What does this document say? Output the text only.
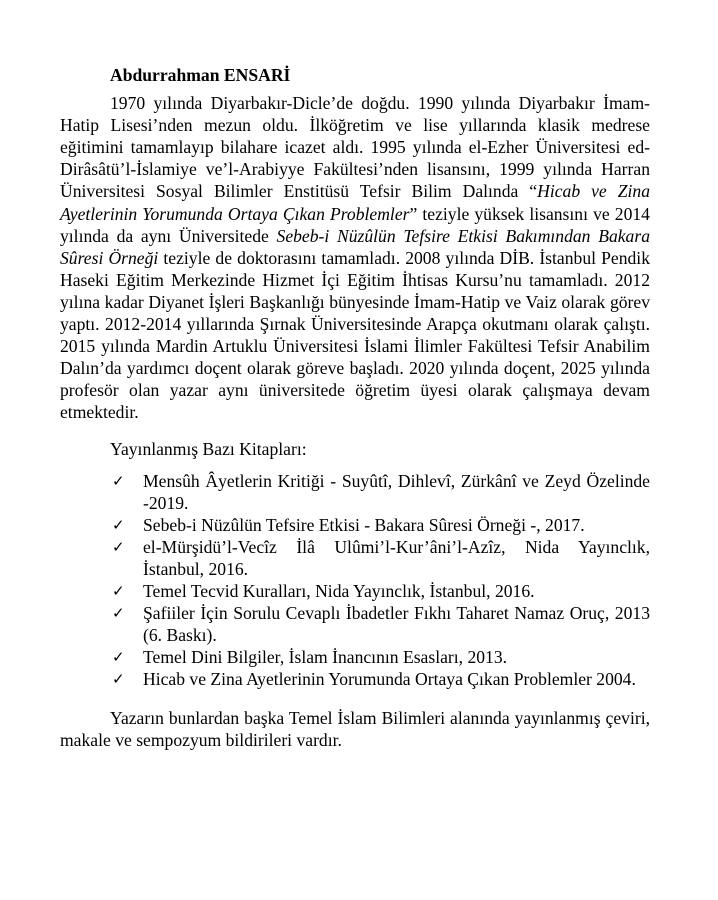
Abdurrahman ENSARİ

1970 yılında Diyarbakır-Dicle’de doğdu. 1990 yılında Diyarbakır İmam-Hatip Lisesi’nden mezun oldu. İlköğretim ve lise yıllarında klasik medrese eğitimini tamamlayıp bilahare icazet aldı. 1995 yılında el-Ezher Üniversitesi ed-Dirâsâtü’l-İslamiye ve’l-Arabiyye Fakültesi’nden lisansını, 1999 yılında Harran Üniversitesi Sosyal Bilimler Enstitüsü Tefsir Bilim Dalında “Hicab ve Zina Ayetlerinin Yorumunda Ortaya Çıkan Problemler” teziyle yüksek lisansını ve 2014 yılında da aynı Üniversitede Sebeb-i Nüzûlün Tefsire Etkisi Bakımından Bakara Sûresi Örneği teziyle de doktorasını tamamladı. 2008 yılında DİB. İstanbul Pendik Haseki Eğitim Merkezinde Hizmet İçi Eğitim İhtisas Kursu’nu tamamladı. 2012 yılına kadar Diyanet İşleri Başkanlığı bünyesinde İmam-Hatip ve Vaiz olarak görev yaptı. 2012-2014 yıllarında Şırnak Üniversitesinde Arapça okutmanı olarak çalıştı. 2015 yılında Mardin Artuklu Üniversitesi İslami İlimler Fakültesi Tefsir Anabilim Dalın’da yardımcı doçent olarak göreve başladı. 2020 yılında doçent, 2025 yılında profesör olan yazar aynı üniversitede öğretim üyesi olarak çalışmaya devam etmektedir.

Yayınlanmış Bazı Kitapları:

✓ Mensûh Âyetlerin Kritiği - Suyûtî, Dihlevî, Zürkânî ve Zeyd Özelinde -2019.
✓ Sebeb-i Nüzûlün Tefsire Etkisi - Bakara Sûresi Örneği -, 2017.
✓ el-Mürşidü’l-Vecîz İlâ Ulûmi’l-Kur’âni’l-Azîz, Nida Yayınclık, İstanbul, 2016.
✓ Temel Tecvid Kuralları, Nida Yayınclık, İstanbul, 2016.
✓ Şafiiler İçin Sorulu Cevaplı İbadetler Fıkhı Taharet Namaz Oruç, 2013 (6. Baskı).
✓ Temel Dini Bilgiler, İslam İnancının Esasları, 2013.
✓ Hicab ve Zina Ayetlerinin Yorumunda Ortaya Çıkan Problemler 2004.

Yazarın bunlardan başka Temel İslam Bilimleri alanında yayınlanmış çeviri, makale ve sempozyum bildirileri vardır.
